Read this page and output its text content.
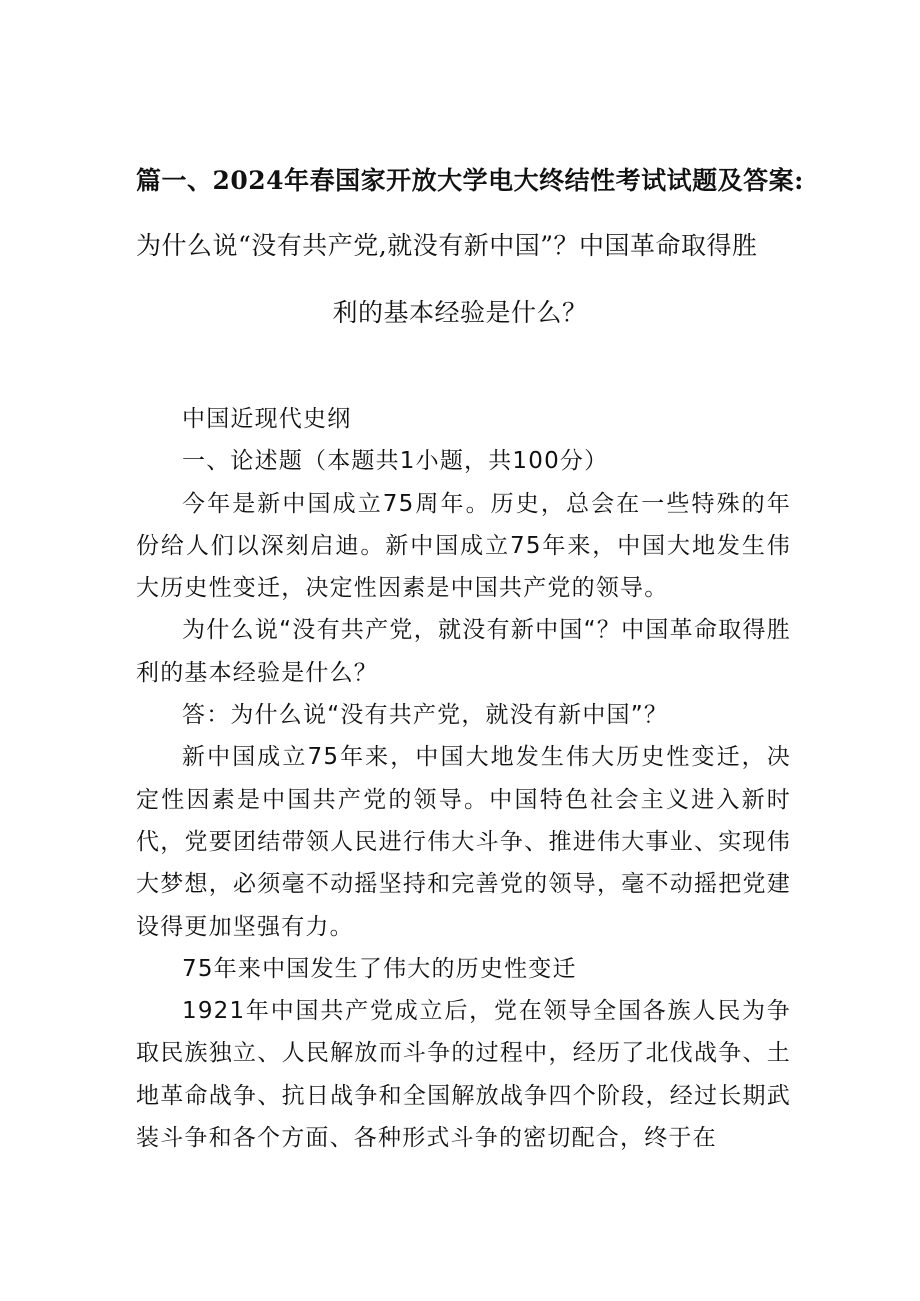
篇一、2024年春国家开放大学电大终结性考试试题及答案:
为什么说“没有共产党,就没有新中国”？中国革命取得胜
利的基本经验是什么？

中国近现代史纲

一、论述题（本题共1小题，共100分）

今年是新中国成立75周年。历史，总会在一些特殊的年份给人们以深刻启迪。新中国成立75年来，中国大地发生伟大历史性变迁，决定性因素是中国共产党的领导。

为什么说“没有共产党，就没有新中国“？中国革命取得胜利的基本经验是什么？

答：为什么说“没有共产党，就没有新中国”？

新中国成立75年来，中国大地发生伟大历史性变迁，决定性因素是中国共产党的领导。中国特色社会主义进入新时代，党要团结带领人民进行伟大斗争、推进伟大事业、实现伟大梦想，必须毫不动摇坚持和完善党的领导，毫不动摇把党建设得更加坚强有力。

75年来中国发生了伟大的历史性变迁

1921年中国共产党成立后，党在领导全国各族人民为争取民族独立、人民解放而斗争的过程中，经历了北伐战争、土地革命战争、抗日战争和全国解放战争四个阶段，经过长期武装斗争和各个方面、各种形式斗争的密切配合，终于在
